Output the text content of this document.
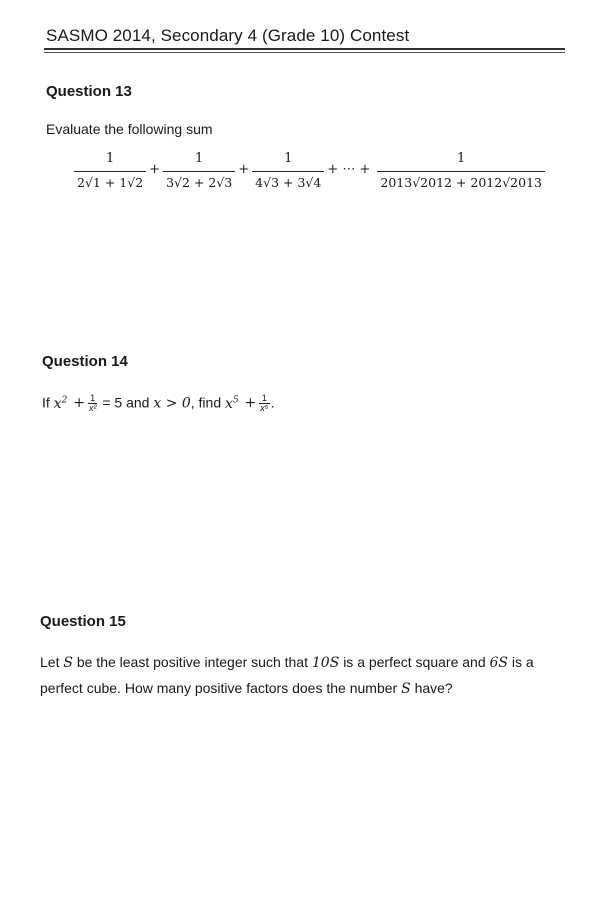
SASMO 2014, Secondary 4 (Grade 10) Contest
Question 13
Evaluate the following sum
$\frac{1}{2√1 + 1√2} + \frac{1}{3√2 + 2√3} + \frac{1}{4√3 + 3√4}$ + ⋯ + $\frac{1}{2013√2012 + 2012√2013}$
Question 14
If $x^2 + \frac{1}{\text{x²}} = 5$ and x > 0, find $x^5 + \frac{1}{\text{x⁵}}$ .
Question 15
Let S be the least positive integer such that 10S is a perfect square and 6S is a
perfect cube. How many positive factors does the number S have?
